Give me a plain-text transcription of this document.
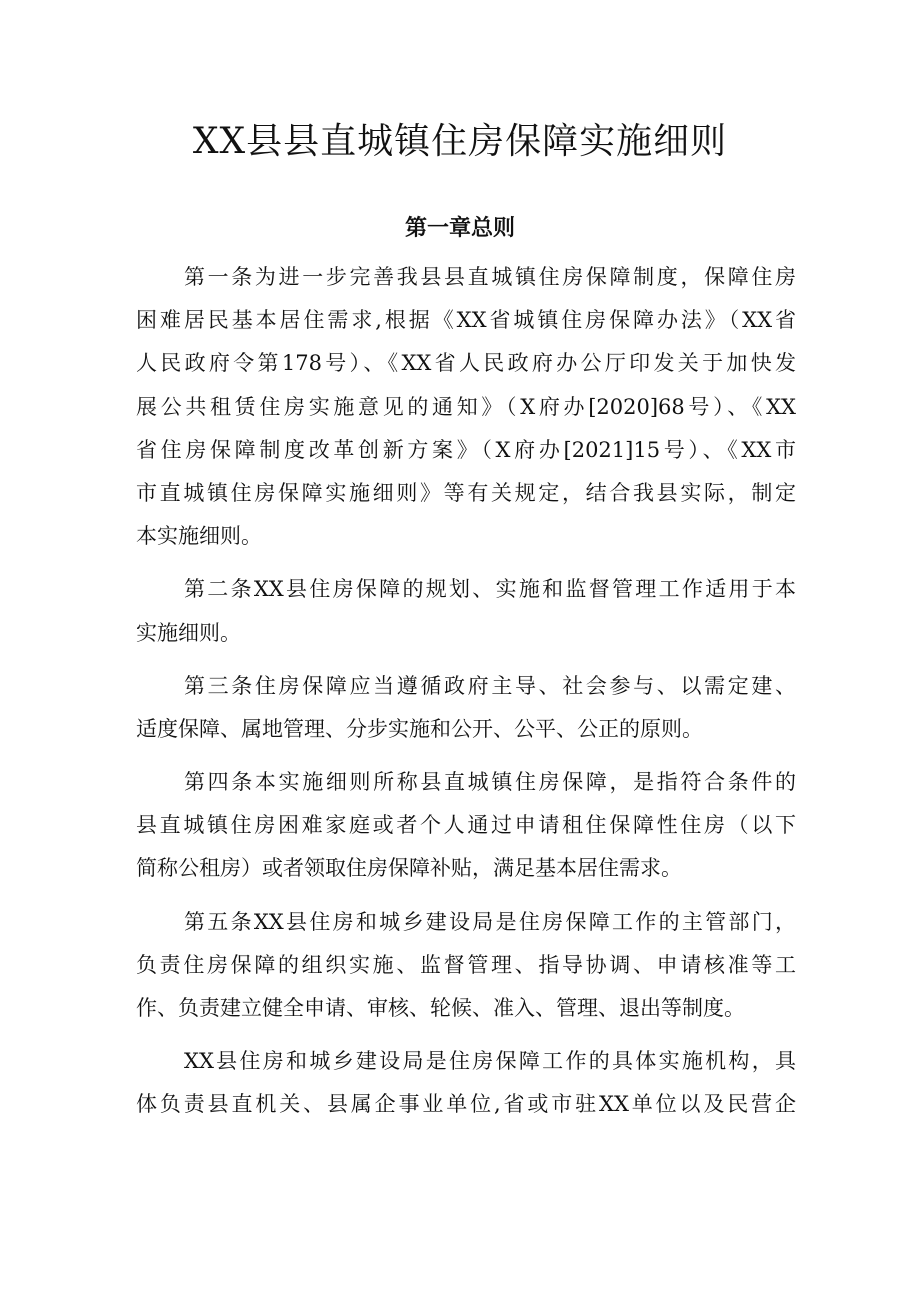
XX县县直城镇住房保障实施细则
第一章总则
第一条为进一步完善我县县直城镇住房保障制度，保障住房
困难居民基本居住需求,根据《XX省城镇住房保障办法》（XX省
人民政府令第178号）、《XX省人民政府办公厅印发关于加快发
展公共租赁住房实施意见的通知》（X府办[2020]68号）、《XX
省住房保障制度改革创新方案》（X府办[2021]15号）、《XX市
市直城镇住房保障实施细则》等有关规定，结合我县实际，制定
本实施细则。
第二条XX县住房保障的规划、实施和监督管理工作适用于本
实施细则。
第三条住房保障应当遵循政府主导、社会参与、以需定建、
适度保障、属地管理、分步实施和公开、公平、公正的原则。
第四条本实施细则所称县直城镇住房保障，是指符合条件的
县直城镇住房困难家庭或者个人通过申请租住保障性住房（以下
简称公租房）或者领取住房保障补贴，满足基本居住需求。
第五条XX县住房和城乡建设局是住房保障工作的主管部门，
负责住房保障的组织实施、监督管理、指导协调、申请核准等工
作、负责建立健全申请、审核、轮候、准入、管理、退出等制度。
XX县住房和城乡建设局是住房保障工作的具体实施机构，具
体负责县直机关、县属企事业单位,省或市驻XX单位以及民营企
